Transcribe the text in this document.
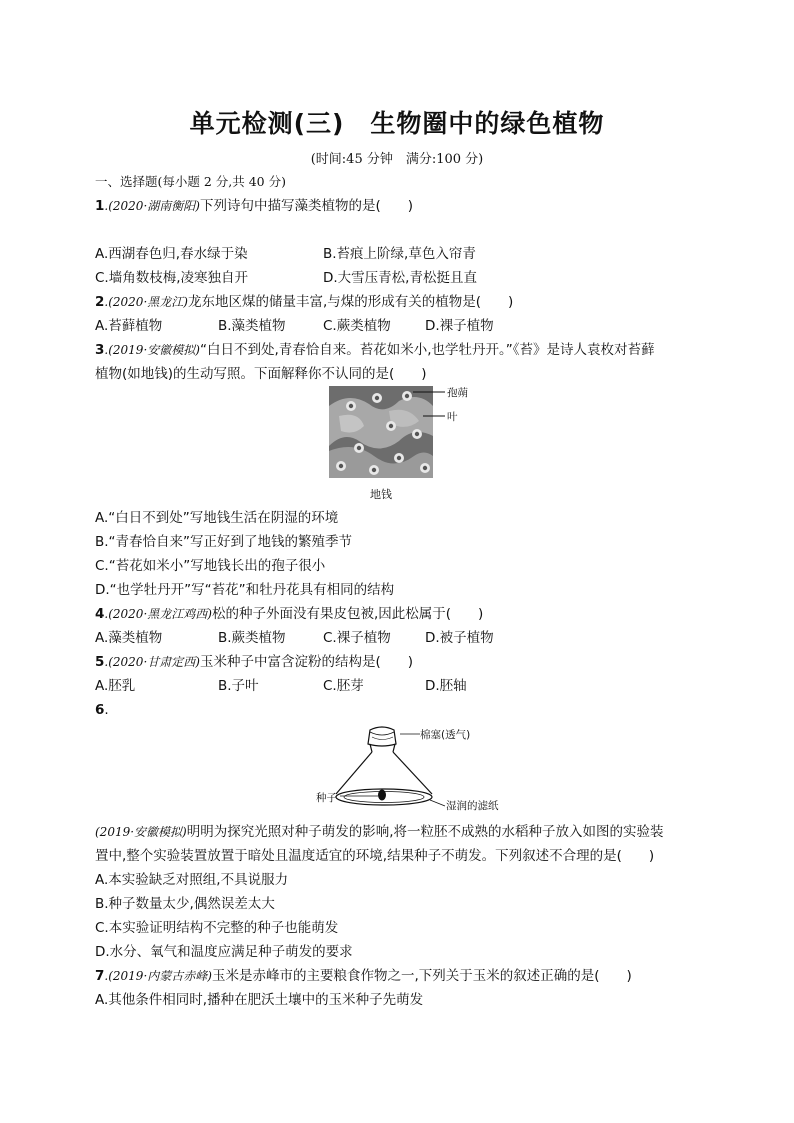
单元检测(三)　生物圈中的绿色植物
(时间:45 分钟　满分:100 分)
一、选择题(每小题 2 分,共 40 分)
1.(2020·湖南衡阳)下列诗句中描写藻类植物的是(　　)
A.西湖春色归,春水绿于染	B.苔痕上阶绿,草色入帘青
C.墙角数枝梅,凌寒独自开	D.大雪压青松,青松挺且直
2.(2020·黑龙江)龙东地区煤的储量丰富,与煤的形成有关的植物是(　　)
A.苔藓植物	B.藻类植物	C.蕨类植物	D.裸子植物
3.(2019·安徽模拟)“白日不到处,青春恰自来。苔花如米小,也学牡丹开。”《苔》是诗人袁枚对苔藓
植物(如地钱)的生动写照。下面解释你不认同的是(　　)
孢蒴
叶
地钱
A.“白日不到处”写地钱生活在阴湿的环境
B.“青春恰自来”写正好到了地钱的繁殖季节
C.“苔花如米小”写地钱长出的孢子很小
D.“也学牡丹开”写“苔花”和牡丹花具有相同的结构
4.(2020·黑龙江鸡西)松的种子外面没有果皮包被,因此松属于(　　)
A.藻类植物	B.蕨类植物	C.裸子植物	D.被子植物
5.(2020·甘肃定西)玉米种子中富含淀粉的结构是(　　)
A.胚乳	B.子叶	C.胚芽	D.胚轴
6.
棉塞(透气)
种子
湿润的滤纸
(2019·安徽模拟)明明为探究光照对种子萌发的影响,将一粒胚不成熟的水稻种子放入如图的实验装
置中,整个实验装置放置于暗处且温度适宜的环境,结果种子不萌发。下列叙述不合理的是(　　)
A.本实验缺乏对照组,不具说服力
B.种子数量太少,偶然误差太大
C.本实验证明结构不完整的种子也能萌发
D.水分、氧气和温度应满足种子萌发的要求
7.(2019·内蒙古赤峰)玉米是赤峰市的主要粮食作物之一,下列关于玉米的叙述正确的是(　　)
A.其他条件相同时,播种在肥沃土壤中的玉米种子先萌发
